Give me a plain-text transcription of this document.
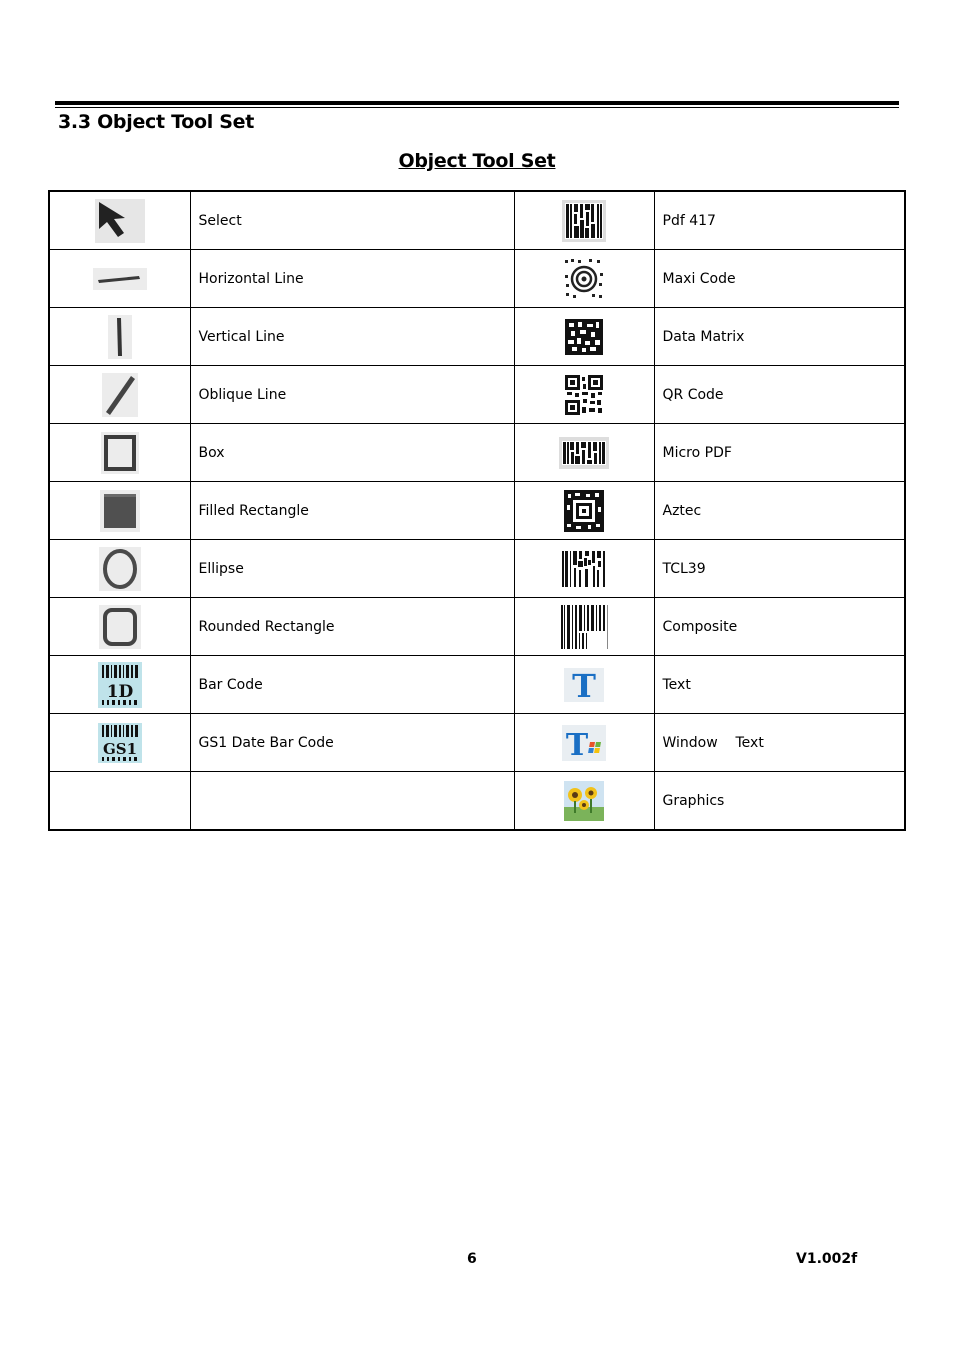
3.3 Object Tool Set
Object Tool Set
	Select		Pdf 417
	Horizontal Line		Maxi Code
	Vertical Line		Data Matrix
	Oblique Line		QR Code
	Box		Micro PDF
	Filled Rectangle		Aztec
	Ellipse		TCL39
	Rounded Rectangle		Composite

1D	Bar Code	T	Text

GS1	GS1 Date Bar Code	T	Window    Text
			Graphics
6	V1.002f
